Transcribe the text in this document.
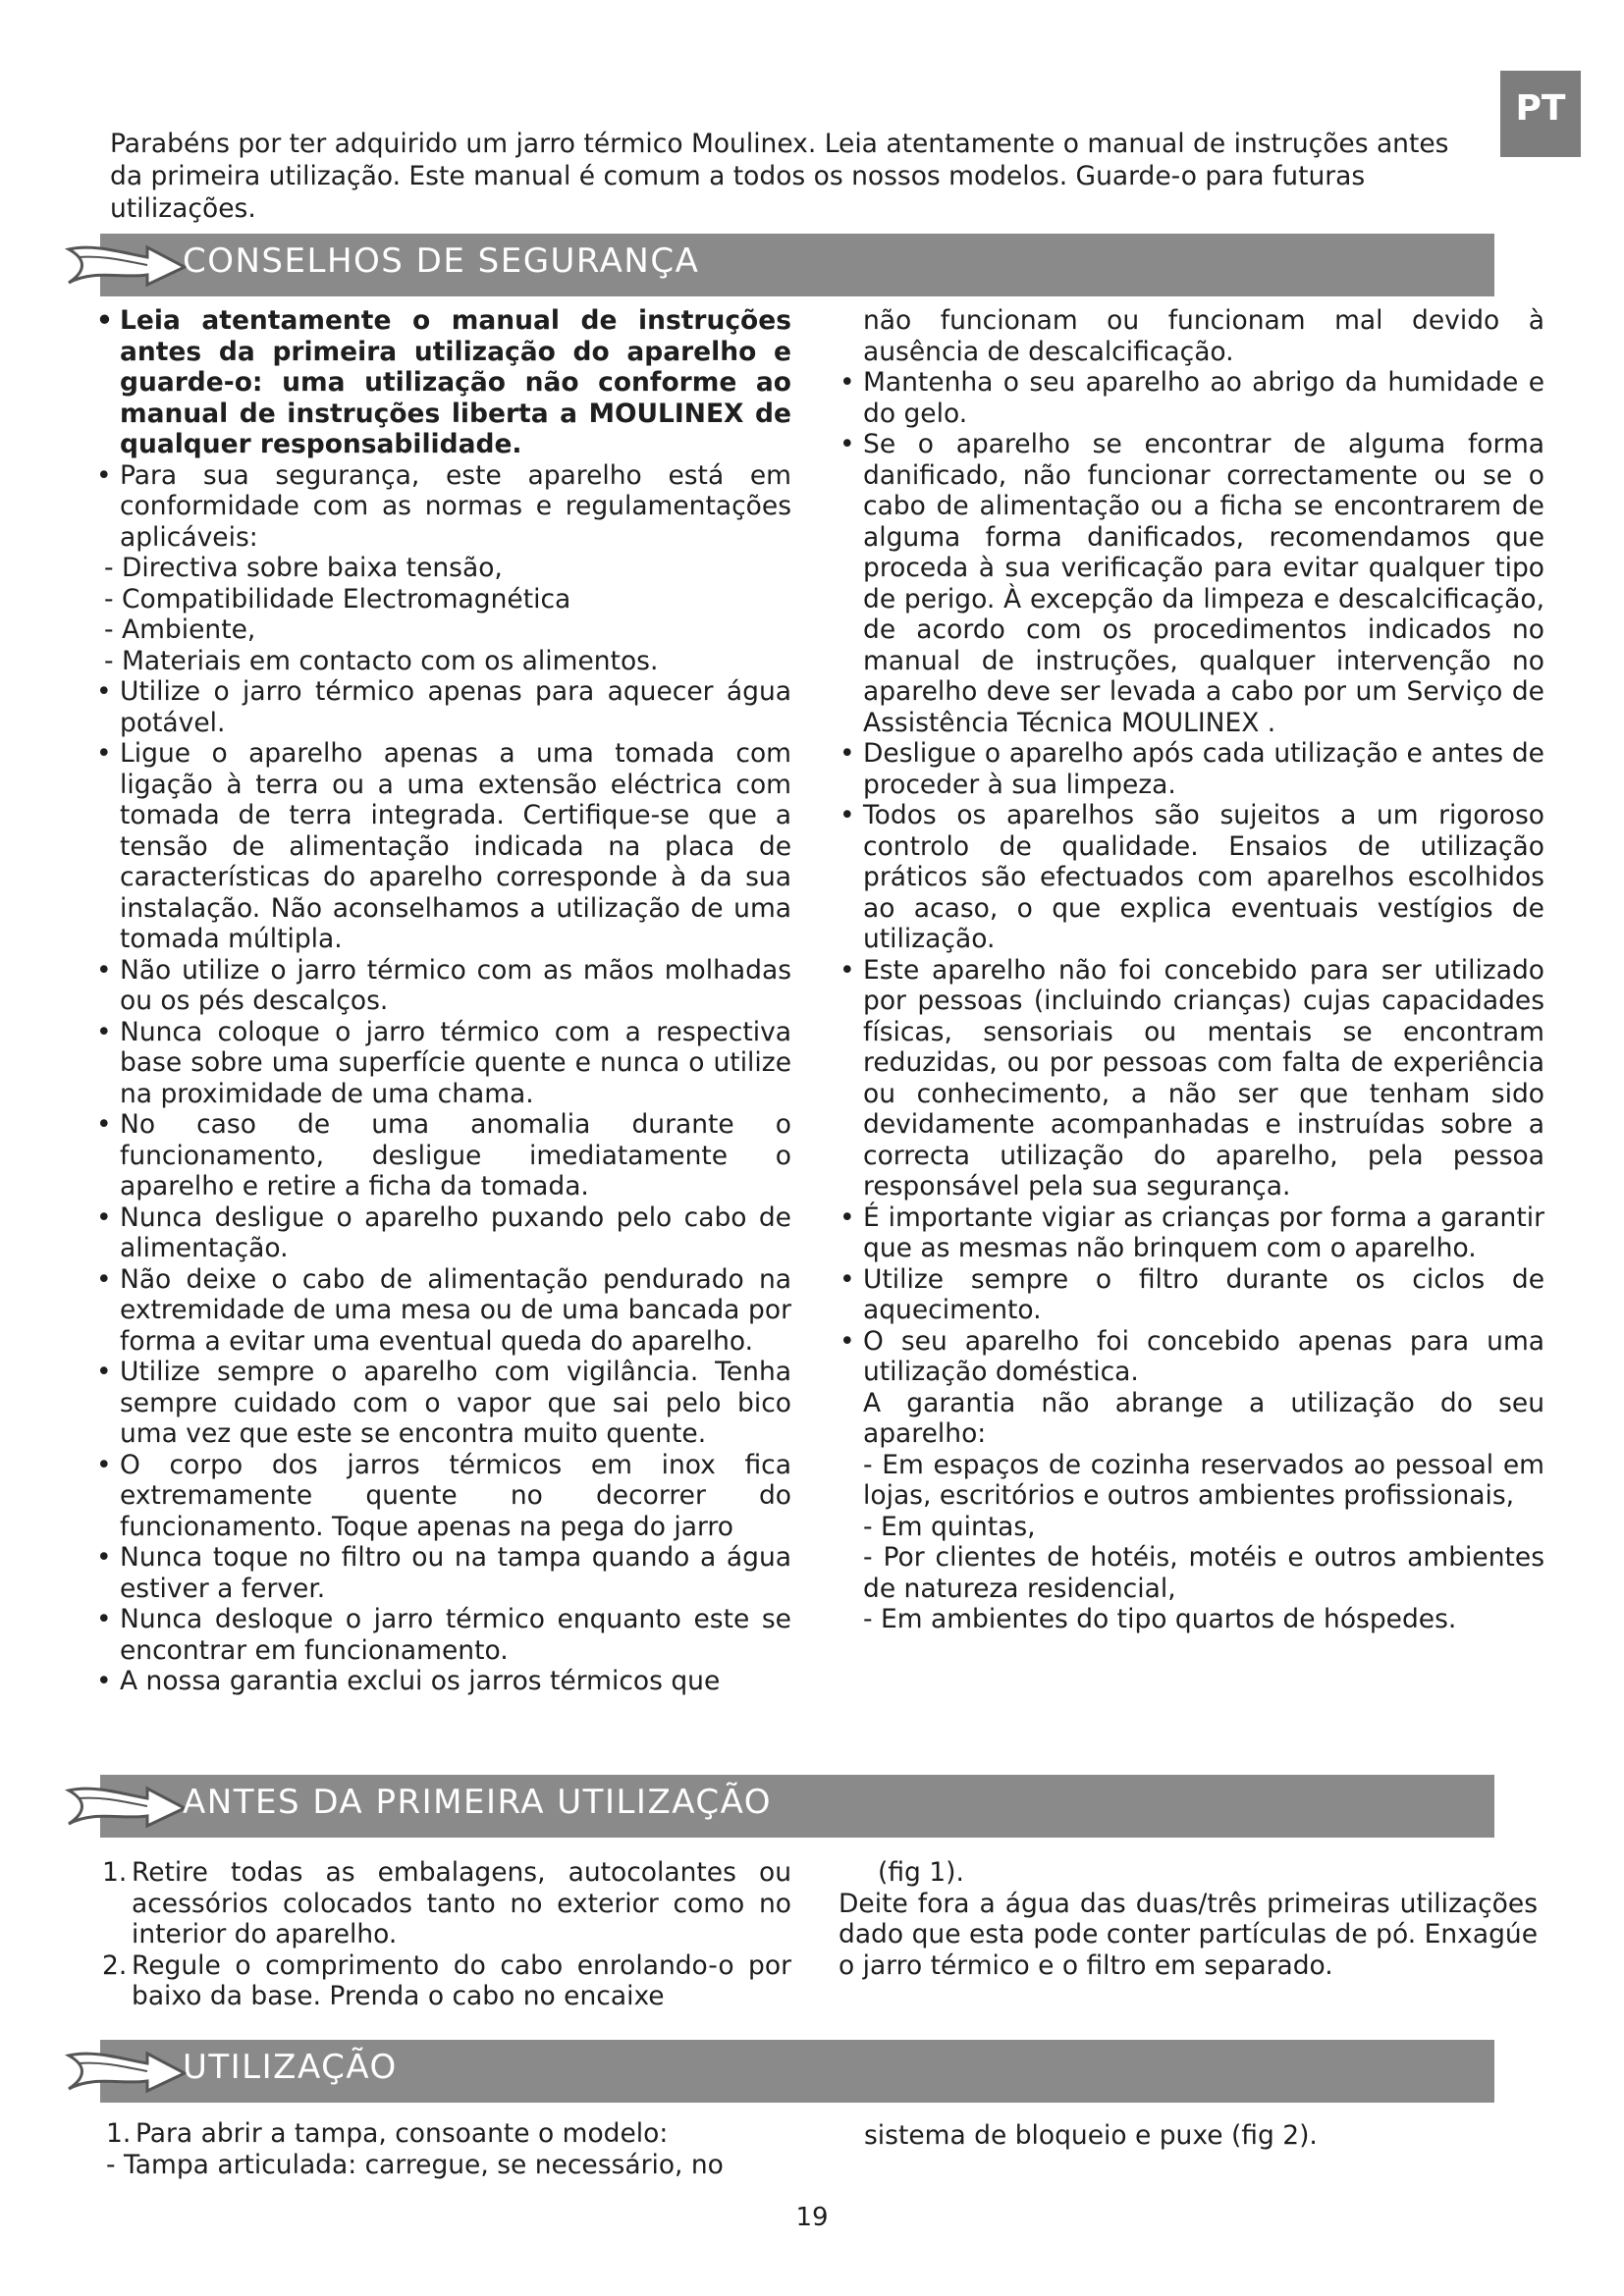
PT

Parabéns por ter adquirido um jarro térmico Moulinex. Leia atentamente o manual de instruções antes da primeira utilização. Este manual é comum a todos os nossos modelos. Guarde-o para futuras utilizações.

CONSELHOS DE SEGURANÇA

• Leia atentamente o manual de instruções antes da primeira utilização do aparelho e guarde-o: uma utilização não conforme ao manual de instruções liberta a MOULINEX de qualquer responsabilidade.

• Para sua segurança, este aparelho está em conformidade com as normas e regulamentações aplicáveis:

- Directiva sobre baixa tensão,

- Compatibilidade Electromagnética

- Ambiente,

- Materiais em contacto com os alimentos.

• Utilize o jarro térmico apenas para aquecer água potável.

• Ligue o aparelho apenas a uma tomada com ligação à terra ou a uma extensão eléctrica com tomada de terra integrada. Certifique-se que a tensão de alimentação indicada na placa de características do aparelho corresponde à da sua instalação. Não aconselhamos a utilização de uma tomada múltipla.

• Não utilize o jarro térmico com as mãos molhadas ou os pés descalços.

• Nunca coloque o jarro térmico com a respectiva base sobre uma superfície quente e nunca o utilize na proximidade de uma chama.

• No caso de uma anomalia durante o funcionamento, desligue imediatamente o aparelho e retire a ficha da tomada.

• Nunca desligue o aparelho puxando pelo cabo de alimentação.

• Não deixe o cabo de alimentação pendurado na extremidade de uma mesa ou de uma bancada por forma a evitar uma eventual queda do aparelho.

• Utilize sempre o aparelho com vigilância. Tenha sempre cuidado com o vapor que sai pelo bico uma vez que este se encontra muito quente.

• O corpo dos jarros térmicos em inox fica extremamente quente no decorrer do funcionamento. Toque apenas na pega do jarro

• Nunca toque no filtro ou na tampa quando a água estiver a ferver.

• Nunca desloque o jarro térmico enquanto este se encontrar em funcionamento.

• A nossa garantia exclui os jarros térmicos que

não funcionam ou funcionam mal devido à ausência de descalcificação.

• Mantenha o seu aparelho ao abrigo da humidade e do gelo.

• Se o aparelho se encontrar de alguma forma danificado, não funcionar correctamente ou se o cabo de alimentação ou a ficha se encontrarem de alguma forma danificados, recomendamos que proceda à sua verificação para evitar qualquer tipo de perigo. À excepção da limpeza e descalcificação, de acordo com os procedimentos indicados no manual de instruções, qualquer intervenção no aparelho deve ser levada a cabo por um Serviço de Assistência Técnica MOULINEX .

• Desligue o aparelho após cada utilização e antes de proceder à sua limpeza.

• Todos os aparelhos são sujeitos a um rigoroso controlo de qualidade. Ensaios de utilização práticos são efectuados com aparelhos escolhidos ao acaso, o que explica eventuais vestígios de utilização.

• Este aparelho não foi concebido para ser utilizado por pessoas (incluindo crianças) cujas capacidades físicas, sensoriais ou mentais se encontram reduzidas, ou por pessoas com falta de experiência ou conhecimento, a não ser que tenham sido devidamente acompanhadas e instruídas sobre a correcta utilização do aparelho, pela pessoa responsável pela sua segurança.

• É importante vigiar as crianças por forma a garantir que as mesmas não brinquem com o aparelho.

• Utilize sempre o filtro durante os ciclos de aquecimento.

• O seu aparelho foi concebido apenas para uma utilização doméstica.

A garantia não abrange a utilização do seu aparelho:

- Em espaços de cozinha reservados ao pessoal em lojas, escritórios e outros ambientes profissionais,

- Em quintas,

- Por clientes de hotéis, motéis e outros ambientes de natureza residencial,

- Em ambientes do tipo quartos de hóspedes.

ANTES DA PRIMEIRA UTILIZAÇÃO

1. Retire todas as embalagens, autocolantes ou acessórios colocados tanto no exterior como no interior do aparelho.

2. Regule o comprimento do cabo enrolando-o por baixo da base. Prenda o cabo no encaixe

(fig 1).

Deite fora a água das duas/três primeiras utilizações dado que esta pode conter partículas de pó. Enxagúe o jarro térmico e o filtro em separado.

UTILIZAÇÃO

1. Para abrir a tampa, consoante o modelo:

- Tampa articulada: carregue, se necessário, no

sistema de bloqueio e puxe (fig 2).

19
